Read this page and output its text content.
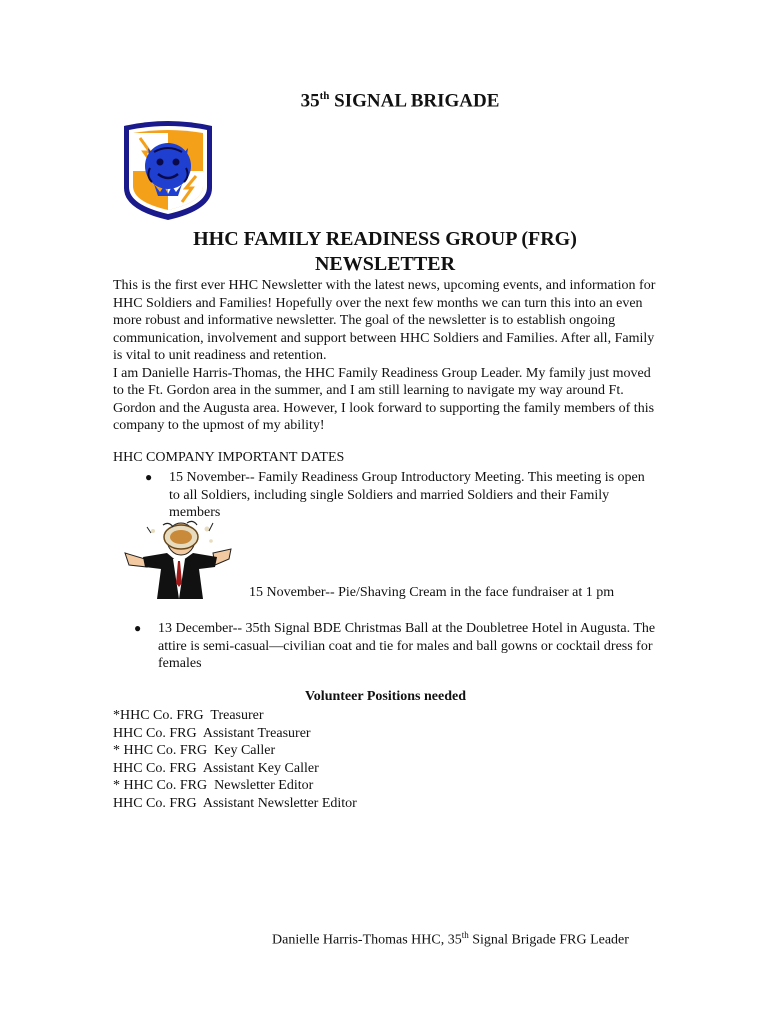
35th SIGNAL BRIGADE
HHC FAMILY READINESS GROUP (FRG)
NEWSLETTER

This is the first ever HHC Newsletter with the latest news, upcoming events, and information for HHC Soldiers and Families! Hopefully over the next few months we can turn this into an even more robust and informative newsletter. The goal of the newsletter is to establish ongoing communication, involvement and support between HHC Soldiers and Families. After all, Family is vital to unit readiness and retention.

I am Danielle Harris-Thomas, the HHC Family Readiness Group Leader. My family just moved to the Ft. Gordon area in the summer, and I am still learning to navigate my way around Ft. Gordon and the Augusta area. However, I look forward to supporting the family members of this company to the upmost of my ability!

HHC COMPANY IMPORTANT DATES
● 15 November-- Family Readiness Group Introductory Meeting. This meeting is open to all Soldiers, including single Soldiers and married Soldiers and their Family members
15 November-- Pie/Shaving Cream in the face fundraiser at 1 pm
● 13 December-- 35th Signal BDE Christmas Ball at the Doubletree Hotel in Augusta. The attire is semi-casual—civilian coat and tie for males and ball gowns or cocktail dress for females
Volunteer Positions needed
*HHC Co. FRG  Treasurer
HHC Co. FRG  Assistant Treasurer
* HHC Co. FRG  Key Caller
HHC Co. FRG  Assistant Key Caller
* HHC Co. FRG  Newsletter Editor
HHC Co. FRG  Assistant Newsletter Editor
Danielle Harris-Thomas HHC, 35th Signal Brigade FRG Leader
